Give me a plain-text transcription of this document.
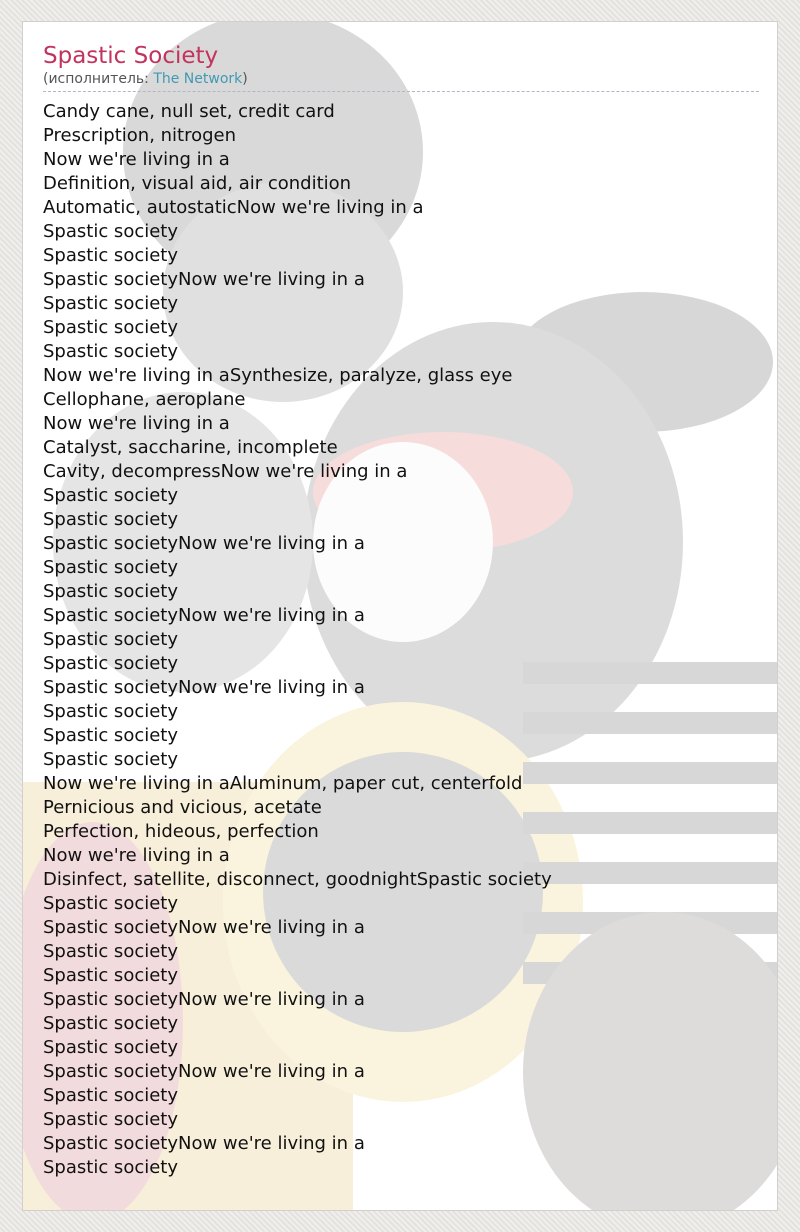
Spastic Society
(исполнитель: The Network)
Candy cane, null set, credit card
Prescription, nitrogen
Now we're living in a
Definition, visual aid, air condition
Automatic, autostaticNow we're living in a
Spastic society
Spastic society
Spastic societyNow we're living in a
Spastic society
Spastic society
Spastic society
Now we're living in aSynthesize, paralyze, glass eye
Cellophane, aeroplane
Now we're living in a
Catalyst, saccharine, incomplete
Cavity, decompressNow we're living in a
Spastic society
Spastic society
Spastic societyNow we're living in a
Spastic society
Spastic society
Spastic societyNow we're living in a
Spastic society
Spastic society
Spastic societyNow we're living in a
Spastic society
Spastic society
Spastic society
Now we're living in aAluminum, paper cut, centerfold
Pernicious and vicious, acetate
Perfection, hideous, perfection
Now we're living in a
Disinfect, satellite, disconnect, goodnightSpastic society
Spastic society
Spastic societyNow we're living in a
Spastic society
Spastic society
Spastic societyNow we're living in a
Spastic society
Spastic society
Spastic societyNow we're living in a
Spastic society
Spastic society
Spastic societyNow we're living in a
Spastic society
